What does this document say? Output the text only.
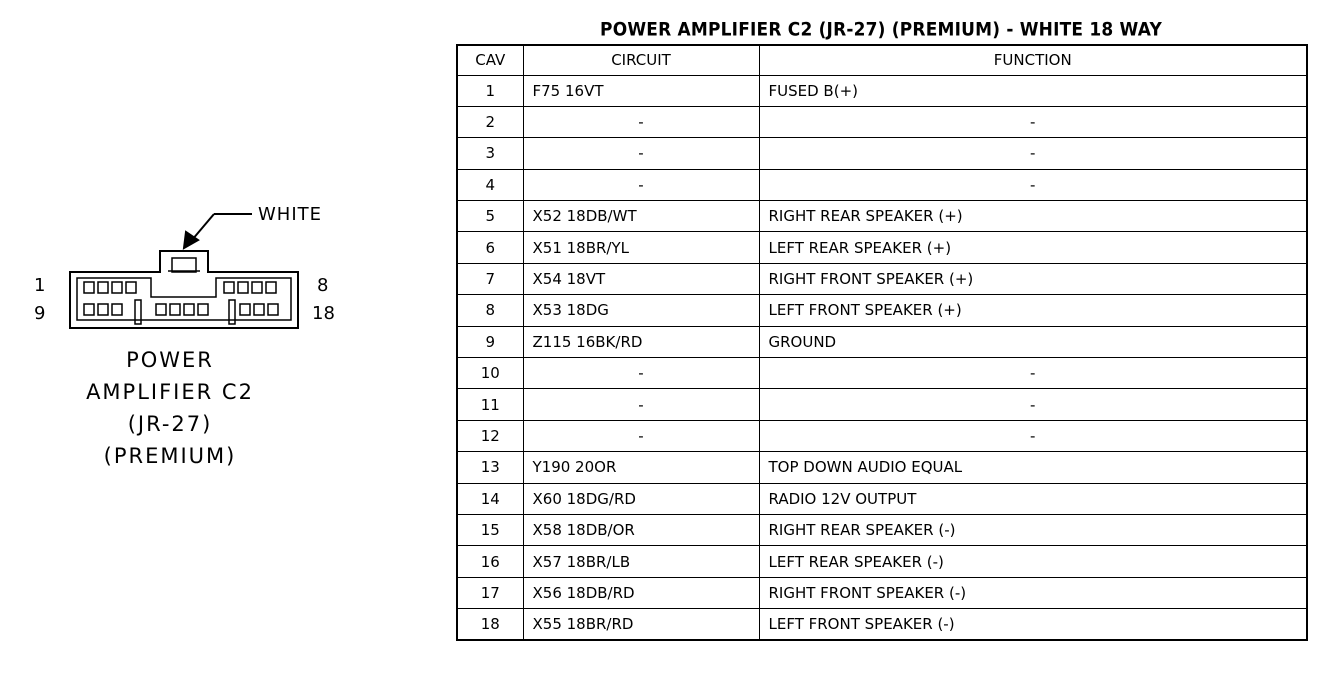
WHITE
1
9
8
18
POWER
AMPLIFIER C2
(JR-27)
(PREMIUM)
POWER AMPLIFIER C2 (JR-27) (PREMIUM) - WHITE 18 WAY
CAV	CIRCUIT	FUNCTION
1	F75 16VT	FUSED B(+)
2	-	-
3	-	-
4	-	-
5	X52 18DB/WT	RIGHT REAR SPEAKER (+)
6	X51 18BR/YL	LEFT REAR SPEAKER (+)
7	X54 18VT	RIGHT FRONT SPEAKER (+)
8	X53 18DG	LEFT FRONT SPEAKER (+)
9	Z115 16BK/RD	GROUND
10	-	-
11	-	-
12	-	-
13	Y190 20OR	TOP DOWN AUDIO EQUAL
14	X60 18DG/RD	RADIO 12V OUTPUT
15	X58 18DB/OR	RIGHT REAR SPEAKER (-)
16	X57 18BR/LB	LEFT REAR SPEAKER (-)
17	X56 18DB/RD	RIGHT FRONT SPEAKER (-)
18	X55 18BR/RD	LEFT FRONT SPEAKER (-)
